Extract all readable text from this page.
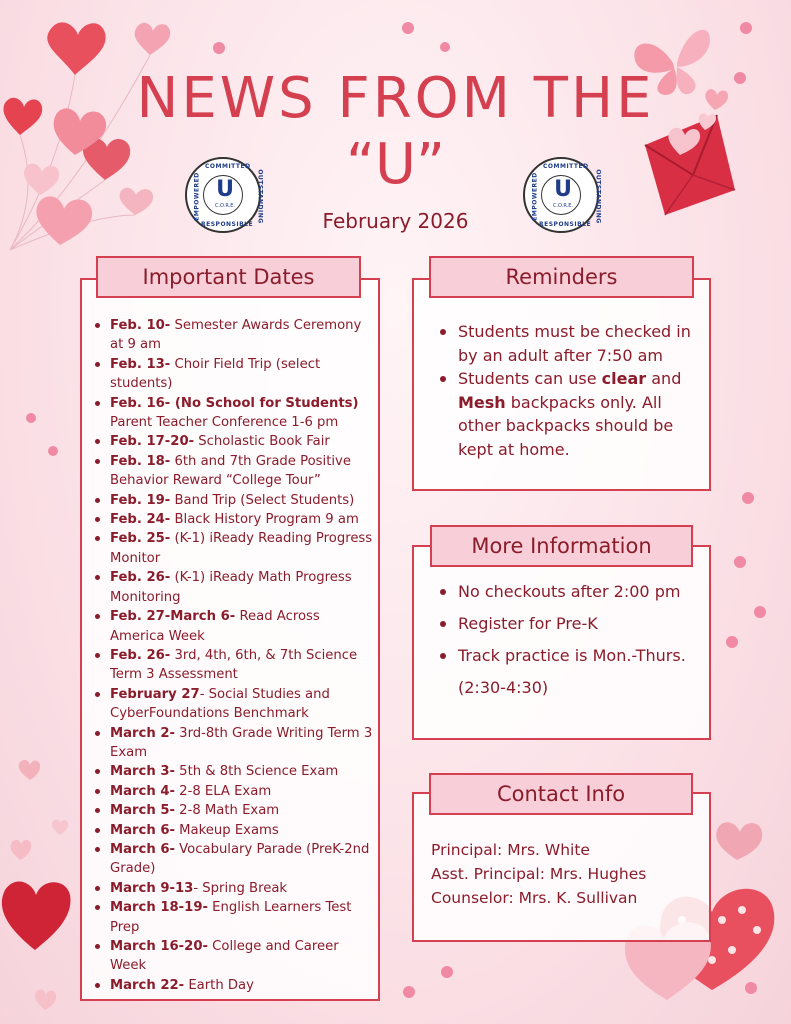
NEWS FROM THE
“U”
February 2026
COMMITTED
RESPONSIBLE
EMPOWERED	OUTSTANDING
U
C.O.R.E.
COMMITTED
RESPONSIBLE
EMPOWERED	OUTSTANDING
U
C.O.R.E.
Important Dates
Feb. 10- Semester Awards Ceremony at 9 am
Feb. 13- Choir Field Trip (select students)
Feb. 16- (No School for Students) Parent Teacher Conference 1-6 pm
Feb. 17-20- Scholastic Book Fair
Feb. 18- 6th and 7th Grade Positive Behavior Reward “College Tour”
Feb. 19- Band Trip (Select Students)
Feb. 24- Black History Program 9 am
Feb. 25- (K-1) iReady Reading Progress Monitor
Feb. 26- (K-1) iReady Math Progress Monitoring
Feb. 27-March 6- Read Across America Week
Feb. 26- 3rd, 4th, 6th, & 7th Science Term 3 Assessment
February 27- Social Studies and CyberFoundations Benchmark
March 2- 3rd-8th Grade Writing Term 3 Exam
March 3- 5th & 8th Science Exam
March 4- 2-8 ELA Exam
March 5- 2-8 Math Exam
March 6- Makeup Exams
March 6- Vocabulary Parade (PreK-2nd Grade)
March 9-13- Spring Break
March 18-19- English Learners Test Prep
March 16-20- College and Career Week
March 22- Earth Day
Reminders
Students must be checked in by an adult after 7:50 am
Students can use clear and Mesh backpacks only. All other backpacks should be kept at home.
More Information
No checkouts after 2:00 pm
Register for Pre-K
Track practice is Mon.-Thurs. (2:30-4:30)
Contact Info
Principal: Mrs. White
Asst. Principal: Mrs. Hughes
Counselor: Mrs. K. Sullivan
